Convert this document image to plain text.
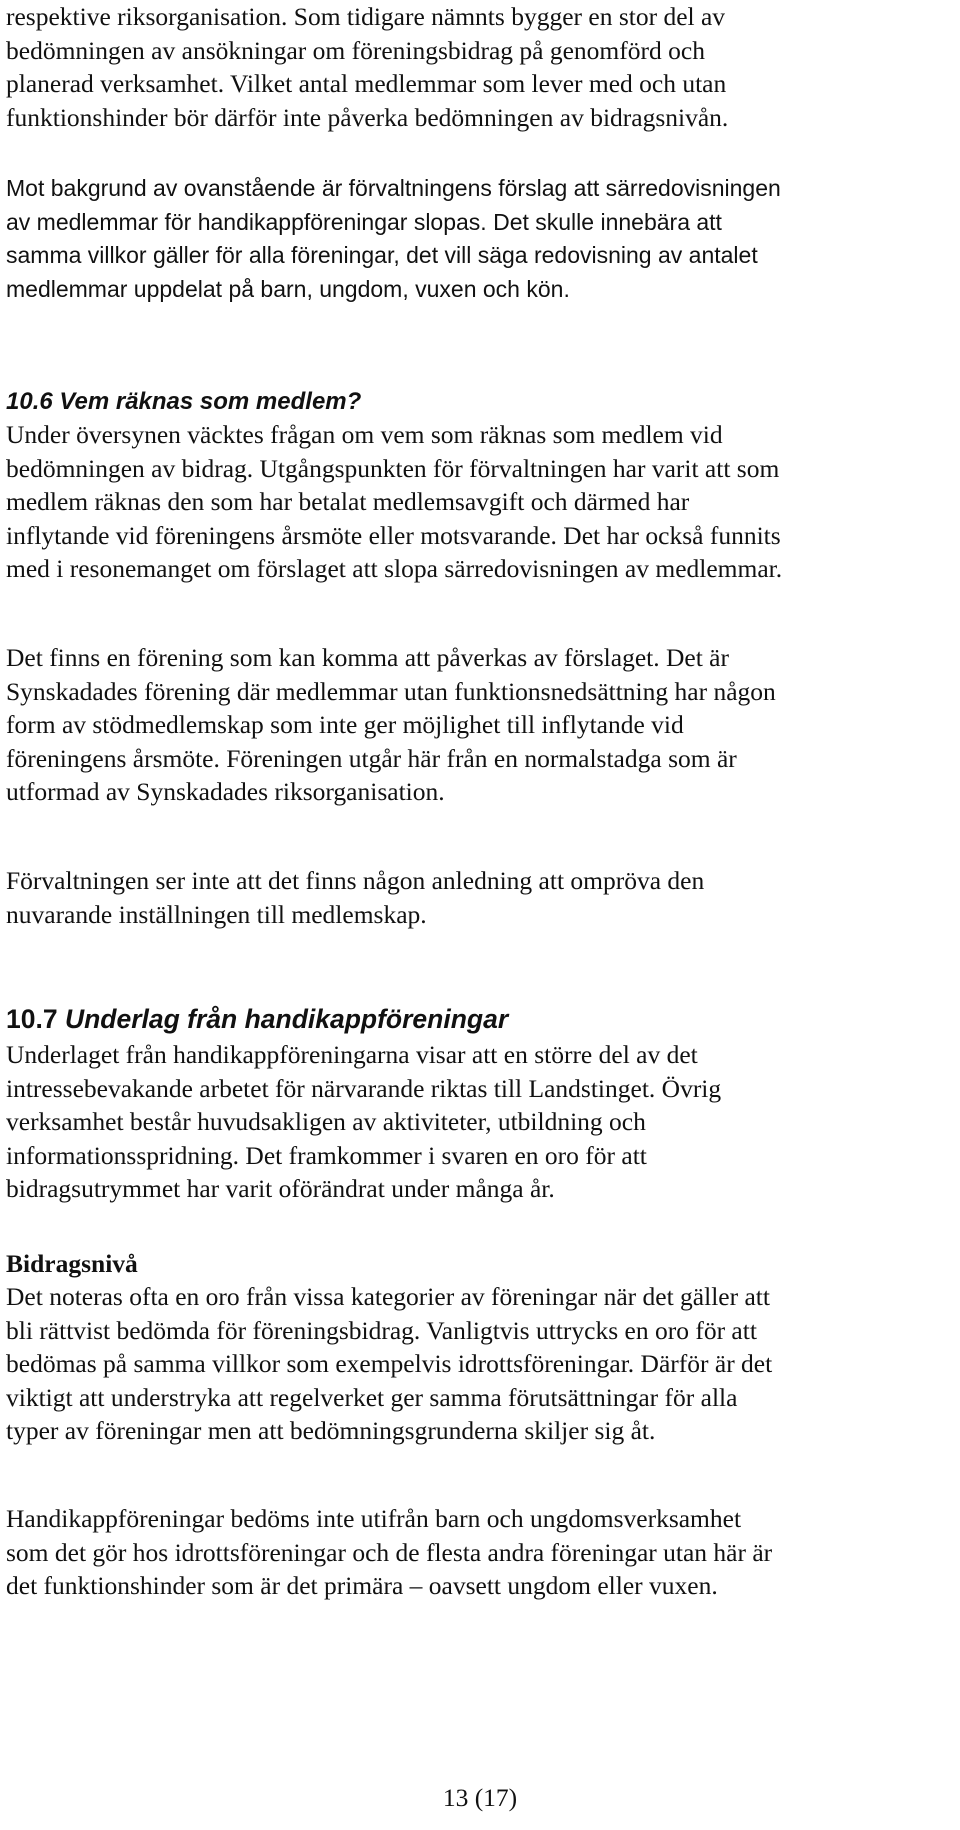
respektive riksorganisation. Som tidigare nämnts bygger en stor del av
bedömningen av ansökningar om föreningsbidrag på genomförd och
planerad verksamhet. Vilket antal medlemmar som lever med och utan
funktionshinder bör därför inte påverka bedömningen av bidragsnivån.
Mot bakgrund av ovanstående är förvaltningens förslag att särredovisningen
av medlemmar för handikappföreningar slopas. Det skulle innebära att
samma villkor gäller för alla föreningar, det vill säga redovisning av antalet
medlemmar uppdelat på barn, ungdom, vuxen och kön.
10.6 Vem räknas som medlem?
Under översynen väcktes frågan om vem som räknas som medlem vid
bedömningen av bidrag. Utgångspunkten för förvaltningen har varit att som
medlem räknas den som har betalat medlemsavgift och därmed har
inflytande vid föreningens årsmöte eller motsvarande. Det har också funnits
med i resonemanget om förslaget att slopa särredovisningen av medlemmar.
Det finns en förening som kan komma att påverkas av förslaget. Det är
Synskadades förening där medlemmar utan funktionsnedsättning har någon
form av stödmedlemskap som inte ger möjlighet till inflytande vid
föreningens årsmöte. Föreningen utgår här från en normalstadga som är
utformad av Synskadades riksorganisation.
Förvaltningen ser inte att det finns någon anledning att ompröva den
nuvarande inställningen till medlemskap.
10.7 Underlag från handikappföreningar
Underlaget från handikappföreningarna visar att en större del av det
intressebevakande arbetet för närvarande riktas till Landstinget. Övrig
verksamhet består huvudsakligen av aktiviteter, utbildning och
informationsspridning. Det framkommer i svaren en oro för att
bidragsutrymmet har varit oförändrat under många år.
Bidragsnivå
Det noteras ofta en oro från vissa kategorier av föreningar när det gäller att
bli rättvist bedömda för föreningsbidrag. Vanligtvis uttrycks en oro för att
bedömas på samma villkor som exempelvis idrottsföreningar. Därför är det
viktigt att understryka att regelverket ger samma förutsättningar för alla
typer av föreningar men att bedömningsgrunderna skiljer sig åt.
Handikappföreningar bedöms inte utifrån barn och ungdomsverksamhet
som det gör hos idrottsföreningar och de flesta andra föreningar utan här är
det funktionshinder som är det primära – oavsett ungdom eller vuxen.
13 (17)
